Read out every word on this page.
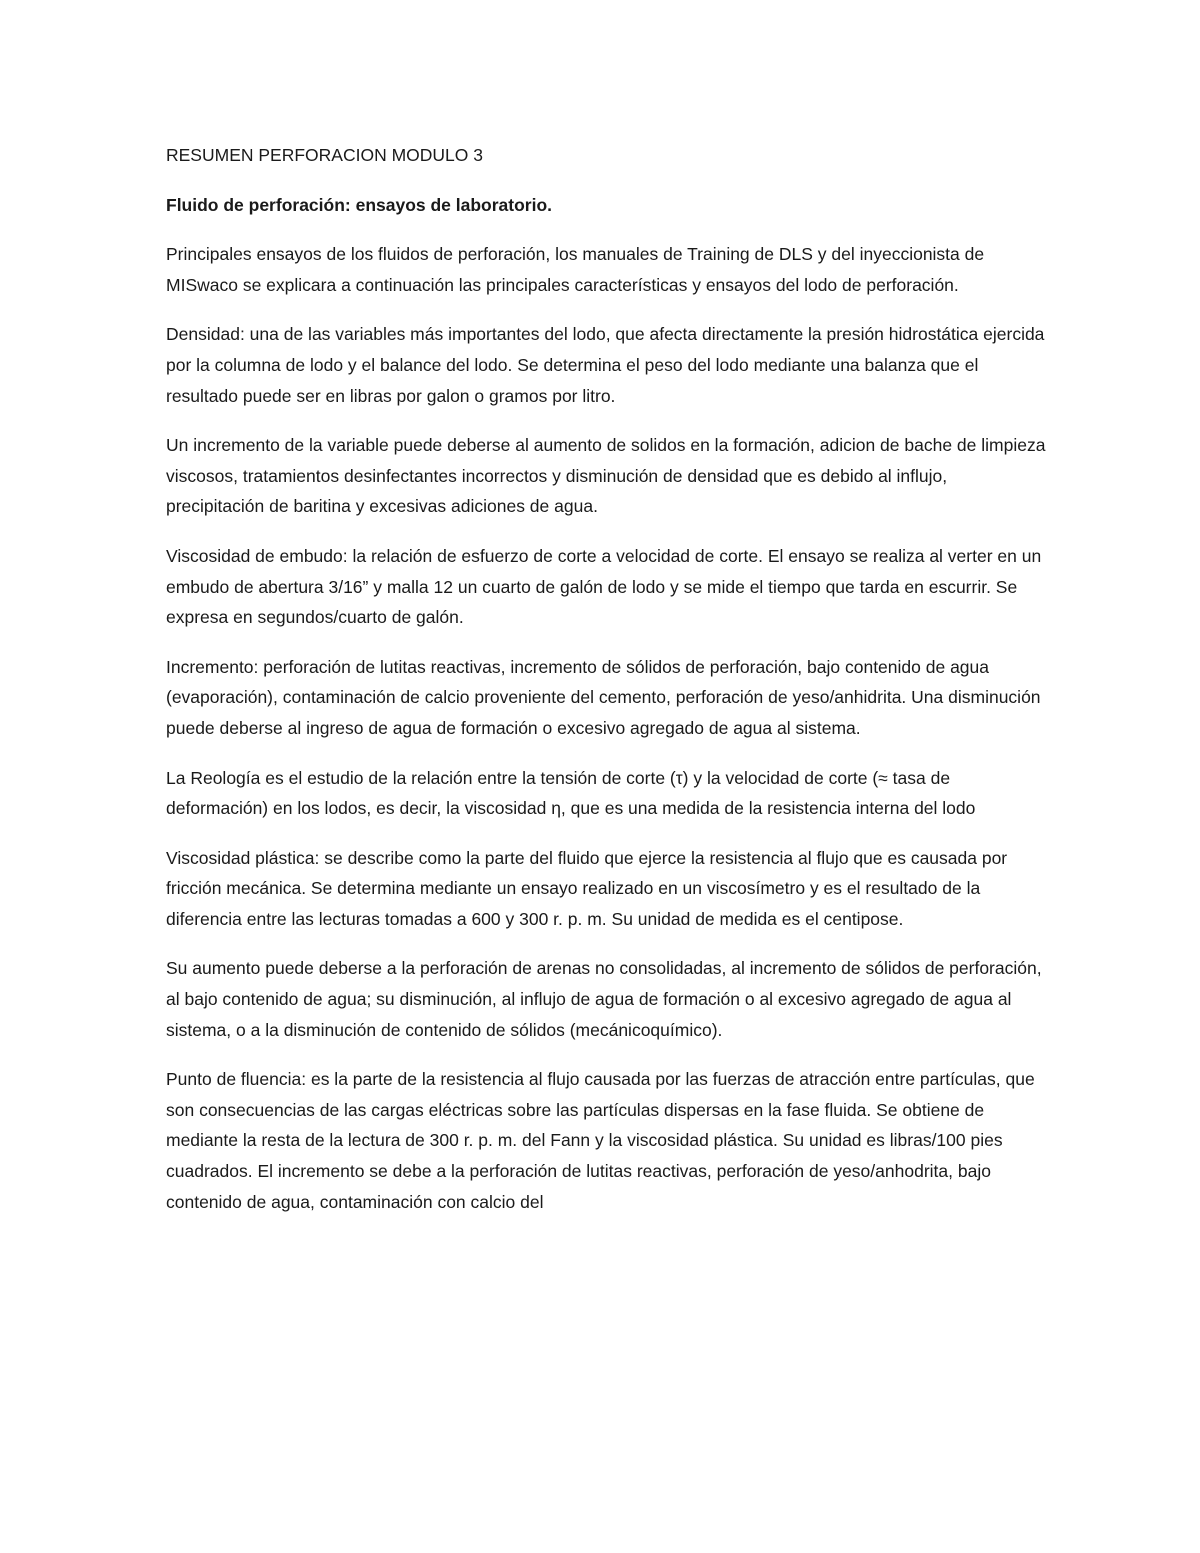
RESUMEN PERFORACION MODULO 3
Fluido de perforación: ensayos de laboratorio.

Principales ensayos de los fluidos de perforación, los manuales de Training de DLS y del inyeccionista de MISwaco se explicara a continuación las principales características y ensayos del lodo de perforación.

Densidad: una de las variables más importantes del lodo, que afecta directamente la presión hidrostática ejercida por la columna de lodo y el balance del lodo. Se determina el peso del lodo mediante una balanza que el resultado puede ser en libras por galon o gramos por litro.

Un incremento de la variable puede deberse al aumento de solidos en la formación, adicion de bache de limpieza viscosos, tratamientos desinfectantes incorrectos y disminución de densidad que es debido al influjo, precipitación de baritina y excesivas adiciones de agua.

Viscosidad de embudo: la relación de esfuerzo de corte a velocidad de corte. El ensayo se realiza al verter en un embudo de abertura 3/16” y malla 12 un cuarto de galón de lodo y se mide el tiempo que tarda en escurrir. Se expresa en segundos/cuarto de galón.

Incremento: perforación de lutitas reactivas, incremento de sólidos de perforación, bajo contenido de agua (evaporación), contaminación de calcio proveniente del cemento, perforación de yeso/anhidrita. Una disminución puede deberse al ingreso de agua de formación o excesivo agregado de agua al sistema.

La Reología es el estudio de la relación entre la tensión de corte (τ) y la velocidad de corte (≈ tasa de deformación) en los lodos, es decir, la viscosidad η, que es una medida de la resistencia interna del lodo

Viscosidad plástica: se describe como la parte del fluido que ejerce la resistencia al flujo que es causada por fricción mecánica. Se determina mediante un ensayo realizado en un viscosímetro y es el resultado de la diferencia entre las lecturas tomadas a 600 y 300 r. p. m. Su unidad de medida es el centipose.

Su aumento puede deberse a la perforación de arenas no consolidadas, al incremento de sólidos de perforación, al bajo contenido de agua; su disminución, al influjo de agua de formación o al excesivo agregado de agua al sistema, o a la disminución de contenido de sólidos (mecánicoquímico).

Punto de fluencia: es la parte de la resistencia al flujo causada por las fuerzas de atracción entre partículas, que son consecuencias de las cargas eléctricas sobre las partículas dispersas en la fase fluida. Se obtiene de mediante la resta de la lectura de 300 r. p. m. del Fann y la viscosidad plástica. Su unidad es libras/100 pies cuadrados. El incremento se debe a la perforación de lutitas reactivas, perforación de yeso/anhodrita, bajo contenido de agua, contaminación con calcio del
